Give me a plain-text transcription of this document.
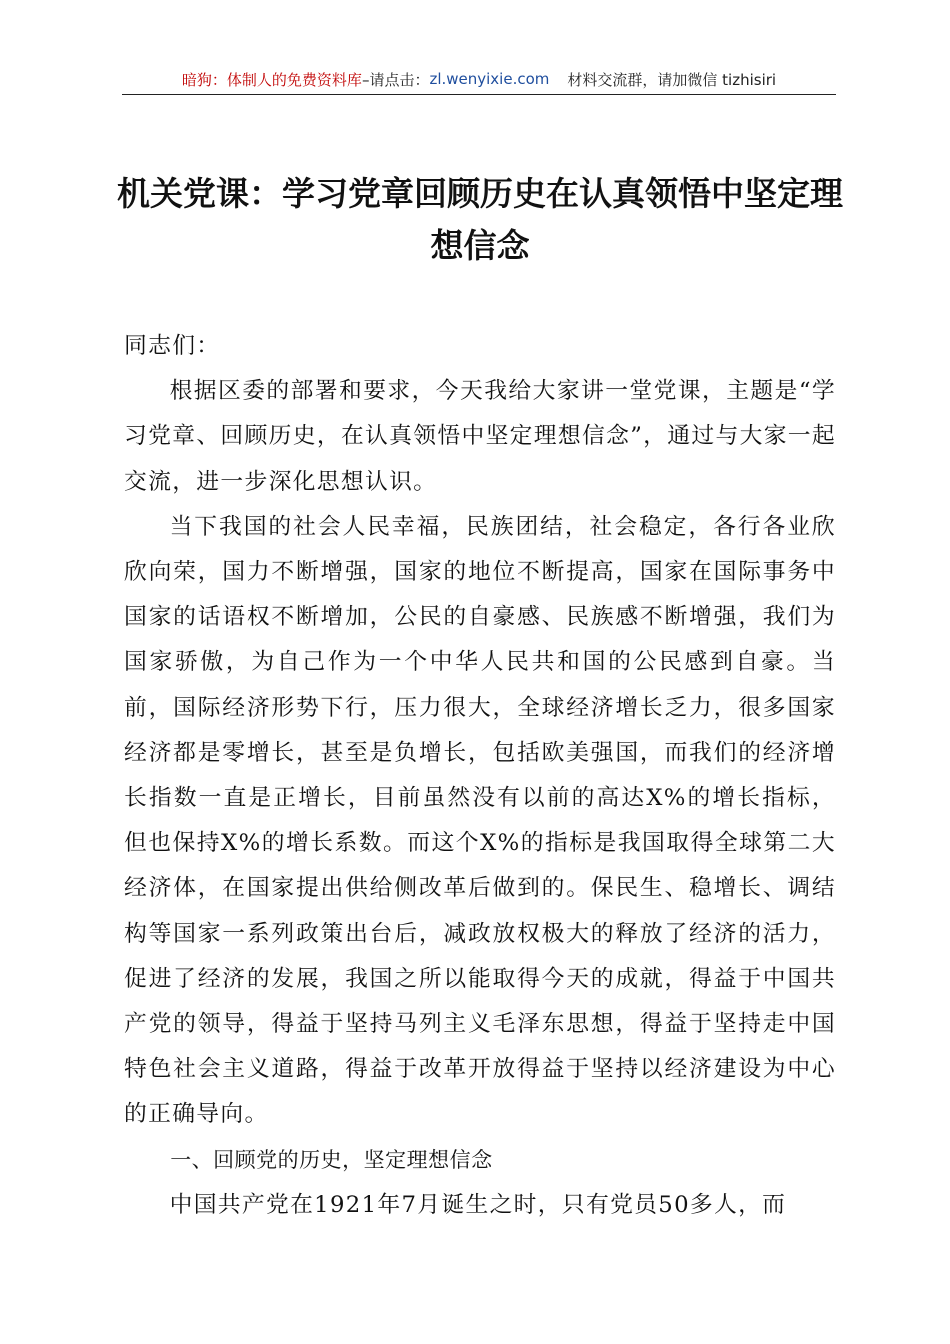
暗狗：体制人的免费资料库 –请点击： zl.wenyixie.com 材料交流群，请加微信 tizhisiri
机关党课：学习党章回顾历史在认真领悟中坚定理想信念

同志们：

根据区委的部署和要求，今天我给大家讲一堂党课，主题是“学习党章、回顾历史，在认真领悟中坚定理想信念”，通过与大家一起交流，进一步深化思想认识。

当下我国的社会人民幸福，民族团结，社会稳定，各行各业欣欣向荣，国力不断增强，国家的地位不断提高，国家在国际事务中国家的话语权不断增加，公民的自豪感、民族感不断增强，我们为国家骄傲，为自己作为一个中华人民共和国的公民感到自豪。当前，国际经济形势下行，压力很大，全球经济增长乏力，很多国家经济都是零增长，甚至是负增长，包括欧美强国，而我们的经济增长指数一直是正增长，目前虽然没有以前的高达X%的增长指标，但也保持X%的增长系数。而这个X%的指标是我国取得全球第二大经济体，在国家提出供给侧改革后做到的。保民生、稳增长、调结构等国家一系列政策出台后，减政放权极大的释放了经济的活力，促进了经济的发展，我国之所以能取得今天的成就，得益于中国共产党的领导，得益于坚持马列主义毛泽东思想，得益于坚持走中国特色社会主义道路，得益于改革开放得益于坚持以经济建设为中心的正确导向。

一、回顾党的历史，坚定理想信念

中国共产党在1921年7月诞生之时，只有党员50多人，而
